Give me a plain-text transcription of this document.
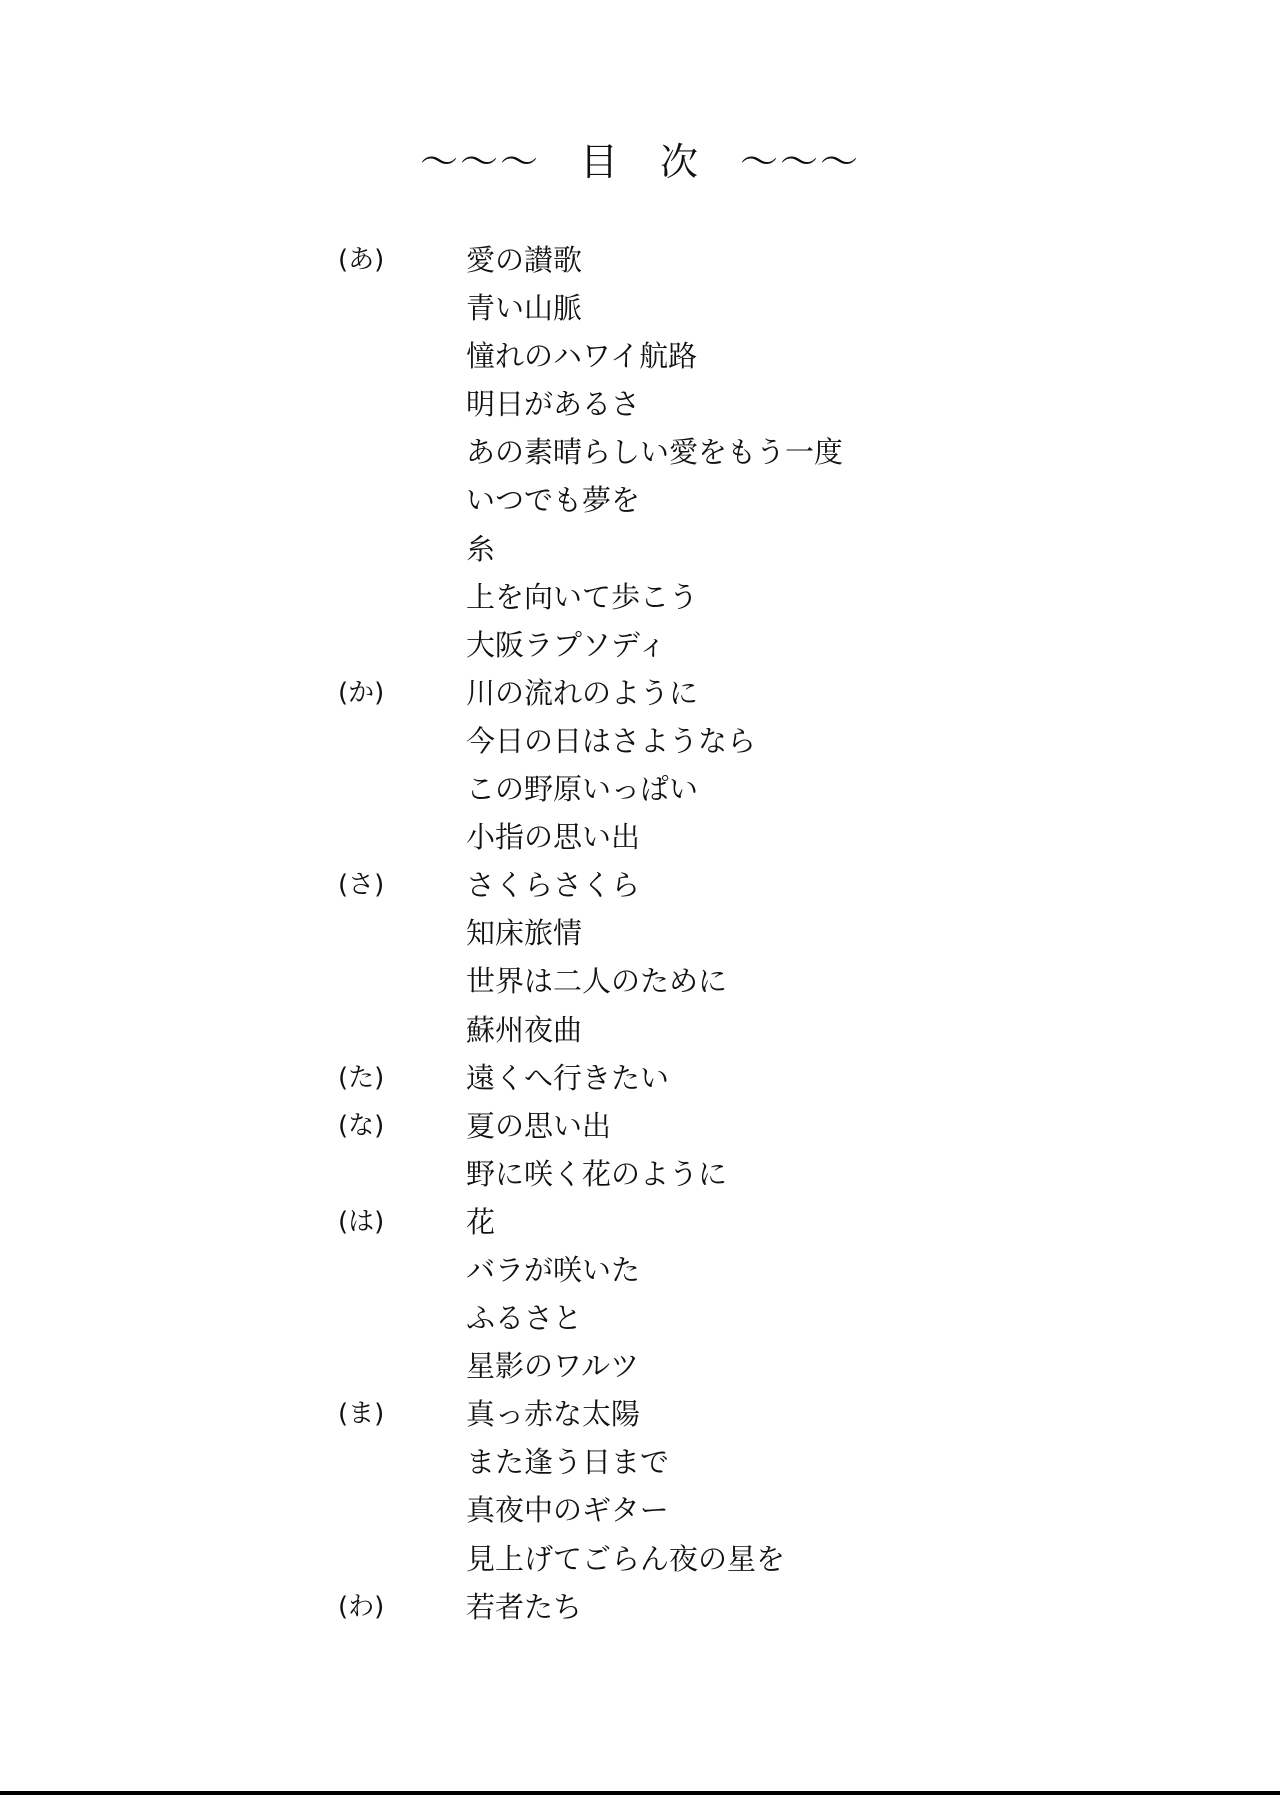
〜〜〜　目　次　〜〜〜
(あ)	愛の讃歌
青い山脈
憧れのハワイ航路
明日があるさ
あの素晴らしい愛をもう一度
いつでも夢を
糸
上を向いて歩こう
大阪ラプソディ
(か)	川の流れのように
今日の日はさようなら
この野原いっぱい
小指の思い出
(さ)	さくらさくら
知床旅情
世界は二人のために
蘇州夜曲
(た)	遠くへ行きたい
(な)	夏の思い出
野に咲く花のように
(は)	花
バラが咲いた
ふるさと
星影のワルツ
(ま)	真っ赤な太陽
また逢う日まで
真夜中のギター
見上げてごらん夜の星を
(わ)	若者たち
